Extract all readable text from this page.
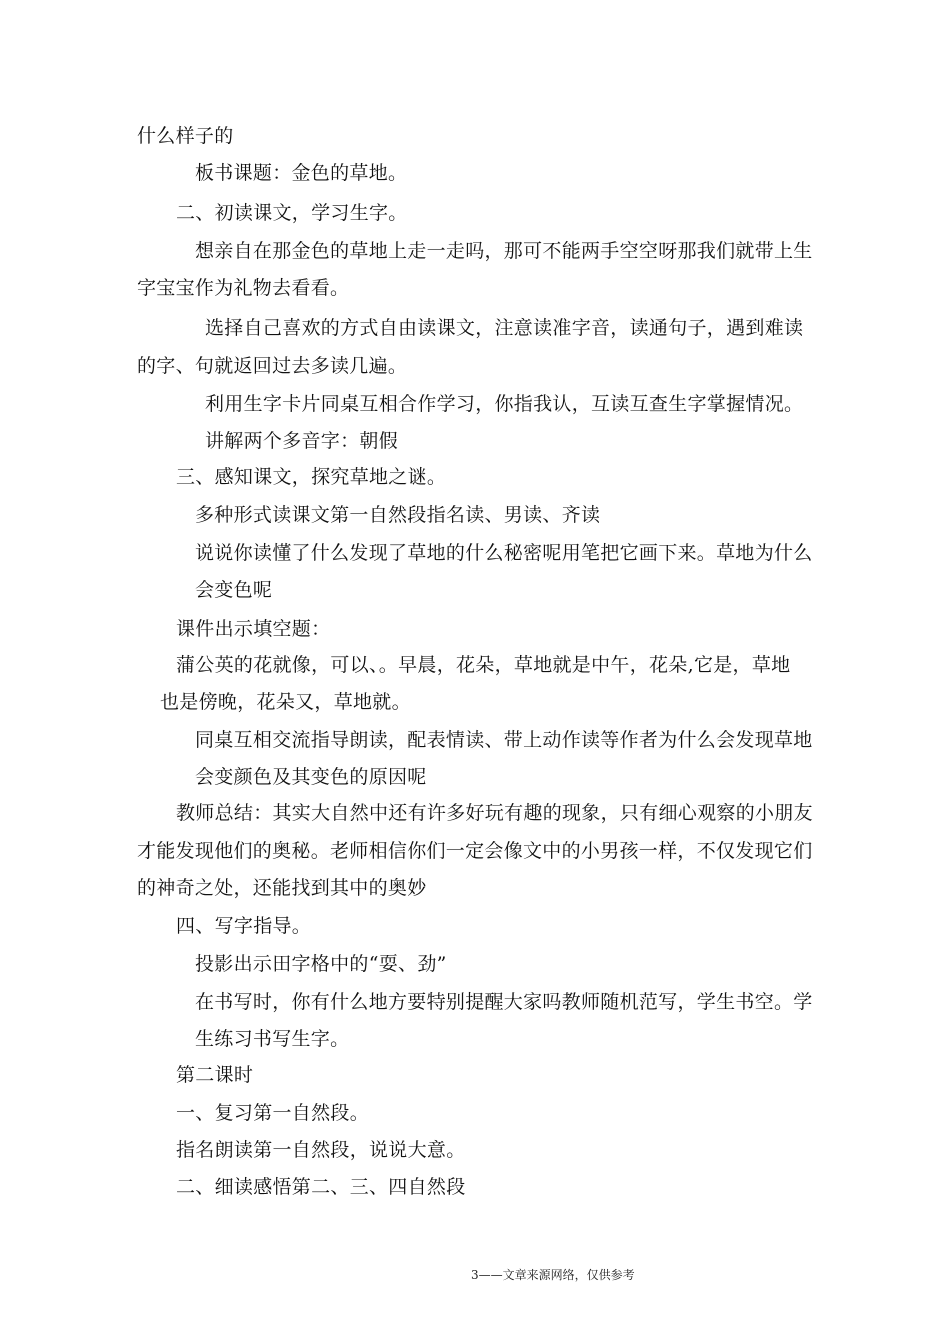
什么样子的
板书课题：金色的草地。
二、初读课文，学习生字。
想亲自在那金色的草地上走一走吗，那可不能两手空空呀那我们就带上生
字宝宝作为礼物去看看。
选择自己喜欢的方式自由读课文，注意读准字音，读通句子，遇到难读
的字、句就返回过去多读几遍。
利用生字卡片同桌互相合作学习，你指我认，互读互查生字掌握情况。
讲解两个多音字：朝假
三、感知课文，探究草地之谜。
多种形式读课文第一自然段指名读、男读、齐读
说说你读懂了什么发现了草地的什么秘密呢用笔把它画下来。草地为什么
会变色呢
课件出示填空题：
蒲公英的花就像，可以、。早晨，花朵，草地就是中午，花朵,它是，草地
也是傍晚，花朵又，草地就。
同桌互相交流指导朗读，配表情读、带上动作读等作者为什么会发现草地
会变颜色及其变色的原因呢
教师总结：其实大自然中还有许多好玩有趣的现象，只有细心观察的小朋友
才能发现他们的奥秘。老师相信你们一定会像文中的小男孩一样，不仅发现它们
的神奇之处，还能找到其中的奥妙
四、写字指导。
投影出示田字格中的“耍、劲”
在书写时，你有什么地方要特别提醒大家吗教师随机范写，学生书空。学
生练习书写生字。
第二课时
一、复习第一自然段。
指名朗读第一自然段，说说大意。
二、细读感悟第二、三、四自然段
3——文章来源网络，仅供参考
